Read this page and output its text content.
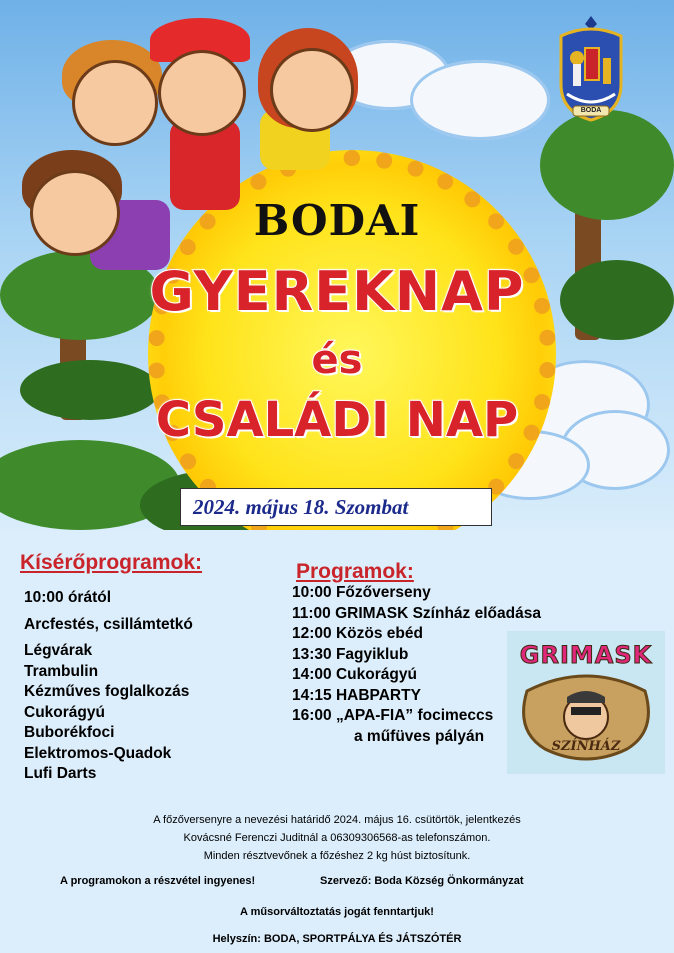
BODA
BODAI
GYEREKNAP
és
CSALÁDI NAP
2024. május 18. Szombat
Kísérőprogramok:
10:00 órától
Arcfestés, csillámtetkó
Légvárak
Trambulin
Kézműves foglalkozás
Cukorágyú
Buborékfoci
Elektromos-Quadok
Lufi Darts
Programok:
10:00 Főzőverseny
11:00 GRIMASK Színház előadása
12:00 Közös ebéd
13:30 Fagyiklub
14:00 Cukorágyú
14:15 HABPARTY
16:00 „APA-FIA” focimeccs
a műfüves pályán
GRIMASK
SZÍNHÁZ
A főzőversenyre a nevezési határidő 2024. május 16. csütörtök, jelentkezés
Kovácsné Ferenczi Juditnál a 06309306568-as telefonszámon.
Minden résztvevőnek a főzéshez 2 kg húst biztosítunk.
A programokon a részvétel ingyenes!	Szervező: Boda Község Önkormányzat
A műsorváltoztatás jogát fenntartjuk!
Helyszín: BODA, SPORTPÁLYA ÉS JÁTSZÓTÉR
